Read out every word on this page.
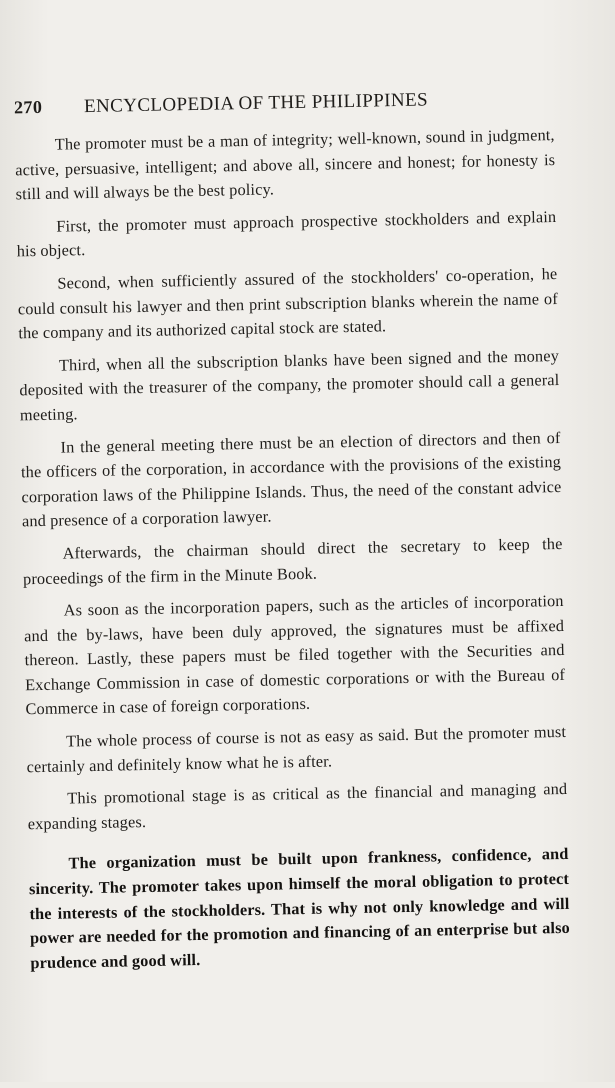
270 ENCYCLOPEDIA OF THE PHILIPPINES

The promoter must be a man of integrity; well-known, sound in judgment, active, persuasive, intelligent; and above all, sincere and honest; for honesty is still and will always be the best policy.

First, the promoter must approach prospective stockholders and explain his object.

Second, when sufficiently assured of the stockholders' co-operation, he could consult his lawyer and then print subscription blanks wherein the name of the company and its authorized capital stock are stated.

Third, when all the subscription blanks have been signed and the money deposited with the treasurer of the company, the promoter should call a general meeting.

In the general meeting there must be an election of directors and then of the officers of the corporation, in accordance with the provisions of the existing corporation laws of the Philippine Islands. Thus, the need of the constant advice and presence of a corporation lawyer.

Afterwards, the chairman should direct the secretary to keep the proceedings of the firm in the Minute Book.

As soon as the incorporation papers, such as the articles of incorporation and the by-laws, have been duly approved, the signatures must be affixed thereon. Lastly, these papers must be filed together with the Securities and Exchange Commission in case of domestic corporations or with the Bureau of Commerce in case of foreign corporations.

The whole process of course is not as easy as said. But the promoter must certainly and definitely know what he is after.

This promotional stage is as critical as the financial and managing and expanding stages.

The organization must be built upon frankness, confidence, and sincerity. The promoter takes upon himself the moral obligation to protect the interests of the stockholders. That is why not only knowledge and will power are needed for the promotion and financing of an enterprise but also prudence and good will.
